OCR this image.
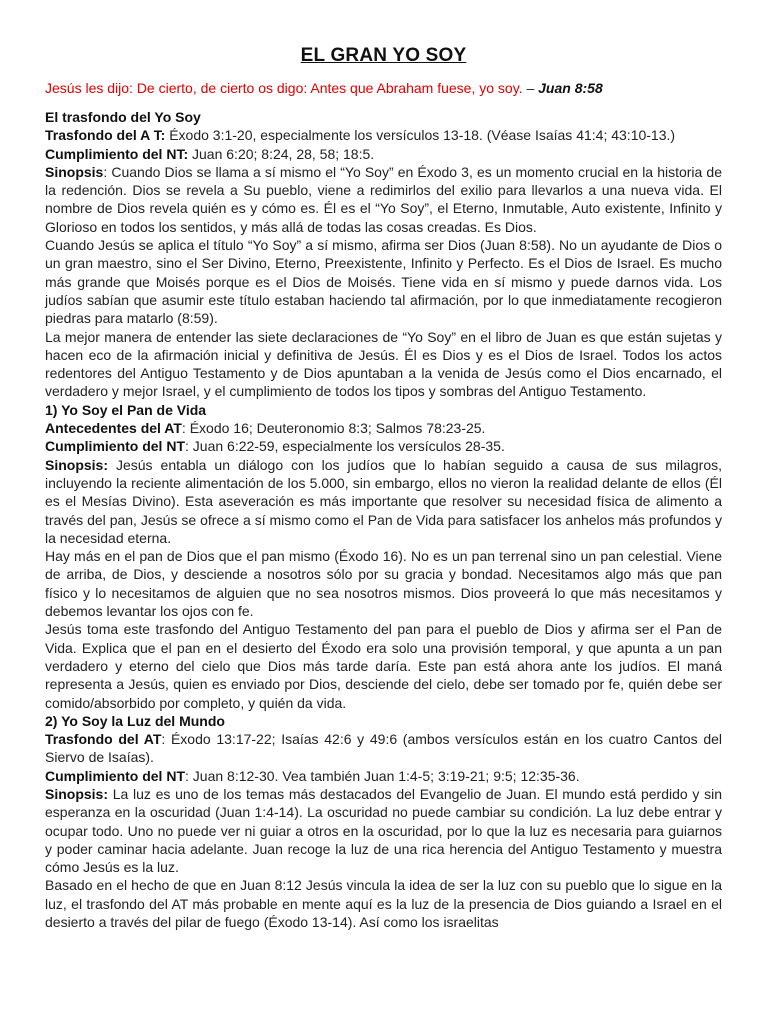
EL GRAN YO SOY

Jesús les dijo: De cierto, de cierto os digo: Antes que Abraham fuese, yo soy. – Juan 8:58

El trasfondo del Yo Soy

Trasfondo del A T: Éxodo 3:1-20, especialmente los versículos 13-18. (Véase Isaías 41:4; 43:10-13.)

Cumplimiento del NT: Juan 6:20; 8:24, 28, 58; 18:5.

Sinopsis: Cuando Dios se llama a sí mismo el “Yo Soy” en Éxodo 3, es un momento crucial en la historia de la redención. Dios se revela a Su pueblo, viene a redimirlos del exilio para llevarlos a una nueva vida. El nombre de Dios revela quién es y cómo es. Él es el “Yo Soy”, el Eterno, Inmutable, Auto existente, Infinito y Glorioso en todos los sentidos, y más allá de todas las cosas creadas. Es Dios.

Cuando Jesús se aplica el título “Yo Soy” a sí mismo, afirma ser Dios (Juan 8:58). No un ayudante de Dios o un gran maestro, sino el Ser Divino, Eterno, Preexistente, Infinito y Perfecto. Es el Dios de Israel. Es mucho más grande que Moisés porque es el Dios de Moisés. Tiene vida en sí mismo y puede darnos vida. Los judíos sabían que asumir este título estaban haciendo tal afirmación, por lo que inmediatamente recogieron piedras para matarlo (8:59).

La mejor manera de entender las siete declaraciones de “Yo Soy” en el libro de Juan es que están sujetas y hacen eco de la afirmación inicial y definitiva de Jesús. Él es Dios y es el Dios de Israel. Todos los actos redentores del Antiguo Testamento y de Dios apuntaban a la venida de Jesús como el Dios encarnado, el verdadero y mejor Israel, y el cumplimiento de todos los tipos y sombras del Antiguo Testamento.

1) Yo Soy el Pan de Vida

Antecedentes del AT: Éxodo 16; Deuteronomio 8:3; Salmos 78:23-25.

Cumplimiento del NT: Juan 6:22-59, especialmente los versículos 28-35.

Sinopsis: Jesús entabla un diálogo con los judíos que lo habían seguido a causa de sus milagros, incluyendo la reciente alimentación de los 5.000, sin embargo, ellos no vieron la realidad delante de ellos (Él es el Mesías Divino). Esta aseveración es más importante que resolver su necesidad física de alimento a través del pan, Jesús se ofrece a sí mismo como el Pan de Vida para satisfacer los anhelos más profundos y la necesidad eterna.

Hay más en el pan de Dios que el pan mismo (Éxodo 16). No es un pan terrenal sino un pan celestial. Viene de arriba, de Dios, y desciende a nosotros sólo por su gracia y bondad. Necesitamos algo más que pan físico y lo necesitamos de alguien que no sea nosotros mismos. Dios proveerá lo que más necesitamos y debemos levantar los ojos con fe.

Jesús toma este trasfondo del Antiguo Testamento del pan para el pueblo de Dios y afirma ser el Pan de Vida. Explica que el pan en el desierto del Éxodo era solo una provisión temporal, y que apunta a un pan verdadero y eterno del cielo que Dios más tarde daría. Este pan está ahora ante los judíos. El maná representa a Jesús, quien es enviado por Dios, desciende del cielo, debe ser tomado por fe, quién debe ser comido/absorbido por completo, y quién da vida.

2) Yo Soy la Luz del Mundo

Trasfondo del AT: Éxodo 13:17-22; Isaías 42:6 y 49:6 (ambos versículos están en los cuatro Cantos del Siervo de Isaías).

Cumplimiento del NT: Juan 8:12-30. Vea también Juan 1:4-5; 3:19-21; 9:5; 12:35-36.

Sinopsis: La luz es uno de los temas más destacados del Evangelio de Juan. El mundo está perdido y sin esperanza en la oscuridad (Juan 1:4-14). La oscuridad no puede cambiar su condición. La luz debe entrar y ocupar todo. Uno no puede ver ni guiar a otros en la oscuridad, por lo que la luz es necesaria para guiarnos y poder caminar hacia adelante. Juan recoge la luz de una rica herencia del Antiguo Testamento y muestra cómo Jesús es la luz.

Basado en el hecho de que en Juan 8:12 Jesús vincula la idea de ser la luz con su pueblo que lo sigue en la luz, el trasfondo del AT más probable en mente aquí es la luz de la presencia de Dios guiando a Israel en el desierto a través del pilar de fuego (Éxodo 13-14). Así como los israelitas
